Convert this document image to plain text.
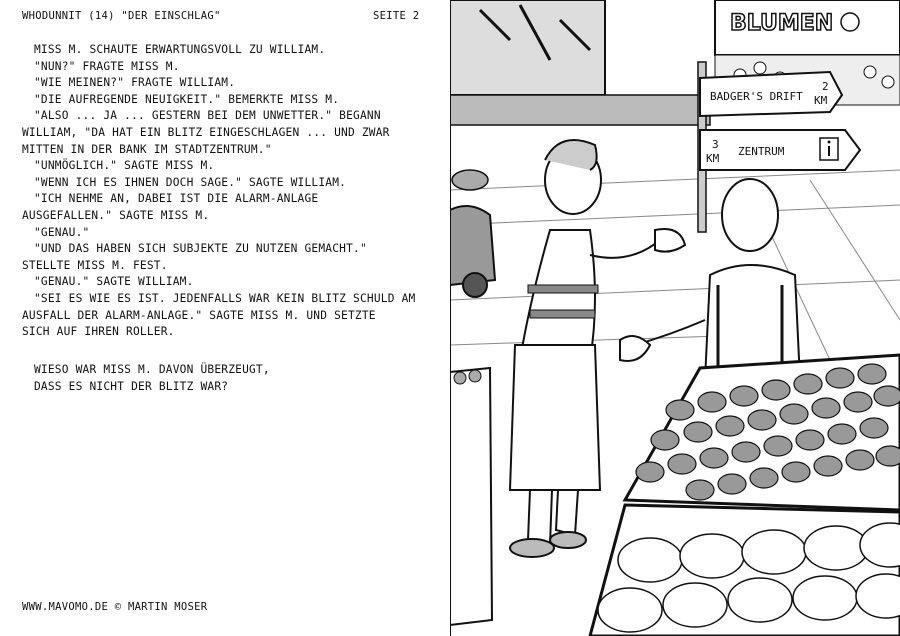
WHODUNNIT (14) "DER EINSCHLAG"	SEITE 2
MISS M. SCHAUTE ERWARTUNGSVOLL ZU WILLIAM.
"NUN?" FRAGTE MISS M.
"WIE MEINEN?" FRAGTE WILLIAM.
"DIE AUFREGENDE NEUIGKEIT." BEMERKTE MISS M.
"ALSO ... JA ... GESTERN BEI DEM UNWETTER." BEGANN
WILLIAM, "DA HAT EIN BLITZ EINGESCHLAGEN ... UND ZWAR
MITTEN IN DER BANK IM STADTZENTRUM."
"UNMÖGLICH." SAGTE MISS M.
"WENN ICH ES IHNEN DOCH SAGE." SAGTE WILLIAM.
"ICH NEHME AN, DABEI IST DIE ALARM-ANLAGE
AUSGEFALLEN." SAGTE MISS M.
"GENAU."
"UND DAS HABEN SICH SUBJEKTE ZU NUTZEN GEMACHT."
STELLTE MISS M. FEST.
"GENAU." SAGTE WILLIAM.
"SEI ES WIE ES IST. JEDENFALLS WAR KEIN BLITZ SCHULD AM
AUSFALL DER ALARM-ANLAGE." SAGTE MISS M. UND SETZTE
SICH AUF IHREN ROLLER.
WIESO WAR MISS M. DAVON ÜBERZEUGT,
DASS ES NICHT DER BLITZ WAR?
WWW.MAVOMO.DE © MARTIN MOSER
BLUMEN
BADGER'S DRIFT
2
KM
3
KM
ZENTRUM
